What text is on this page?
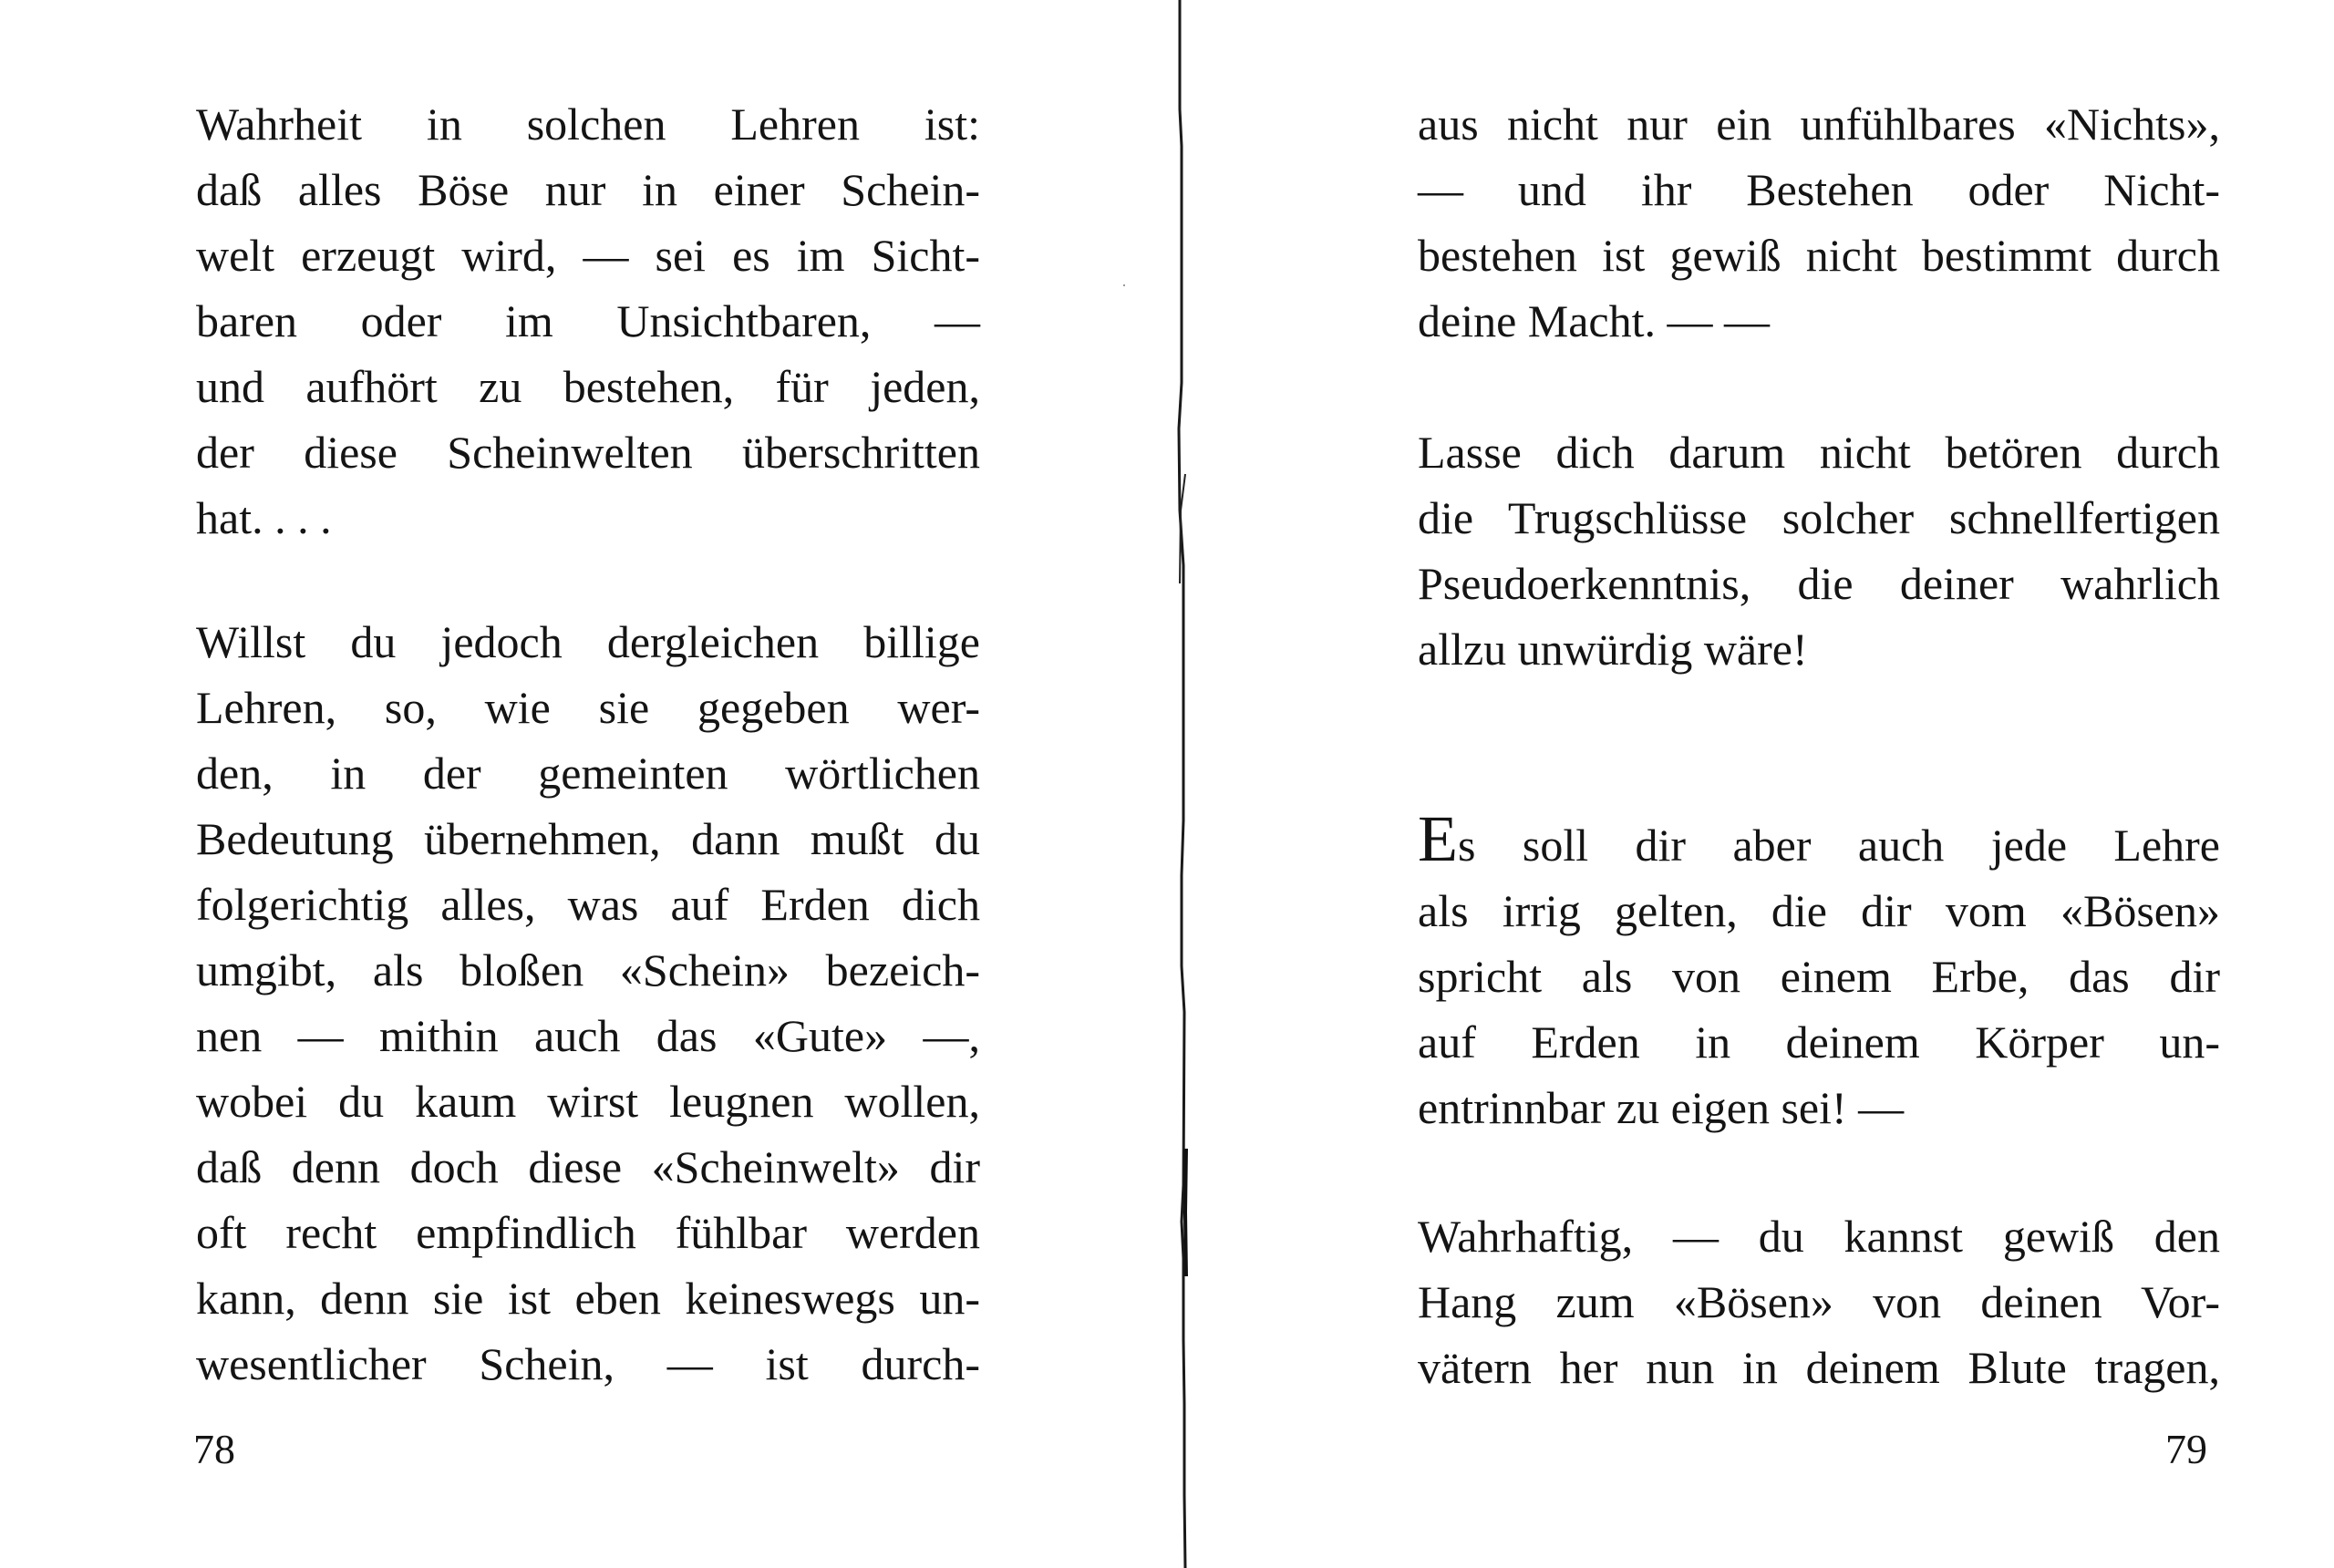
Wahrheit in solchen Lehren ist:
daß alles Böse nur in einer Schein-
welt erzeugt wird, — sei es im Sicht-
baren oder im Unsichtbaren, —
und aufhört zu bestehen, für jeden,
der diese Scheinwelten überschritten
hat. . . .
Willst du jedoch dergleichen billige
Lehren, so, wie sie gegeben wer-
den, in der gemeinten wörtlichen
Bedeutung übernehmen, dann mußt du
folgerichtig alles, was auf Erden dich
umgibt, als bloßen «Schein» bezeich-
nen — mithin auch das «Gute» —,
wobei du kaum wirst leugnen wollen,
daß denn doch diese «Scheinwelt» dir
oft recht empfindlich fühlbar werden
kann, denn sie ist eben keineswegs un-
wesentlicher Schein, — ist durch-
78
aus nicht nur ein unfühlbares «Nichts»,
— und ihr Bestehen oder Nicht-
bestehen ist gewiß nicht bestimmt durch
deine Macht. — —
Lasse dich darum nicht betören durch
die Trugschlüsse solcher schnellfertigen
Pseudoerkenntnis, die deiner wahrlich
allzu unwürdig wäre!
Es soll dir aber auch jede Lehre
als irrig gelten, die dir vom «Bösen»
spricht als von einem Erbe, das dir
auf Erden in deinem Körper un-
entrinnbar zu eigen sei! —
Wahrhaftig, — du kannst gewiß den
Hang zum «Bösen» von deinen Vor-
vätern her nun in deinem Blute tragen,
79
